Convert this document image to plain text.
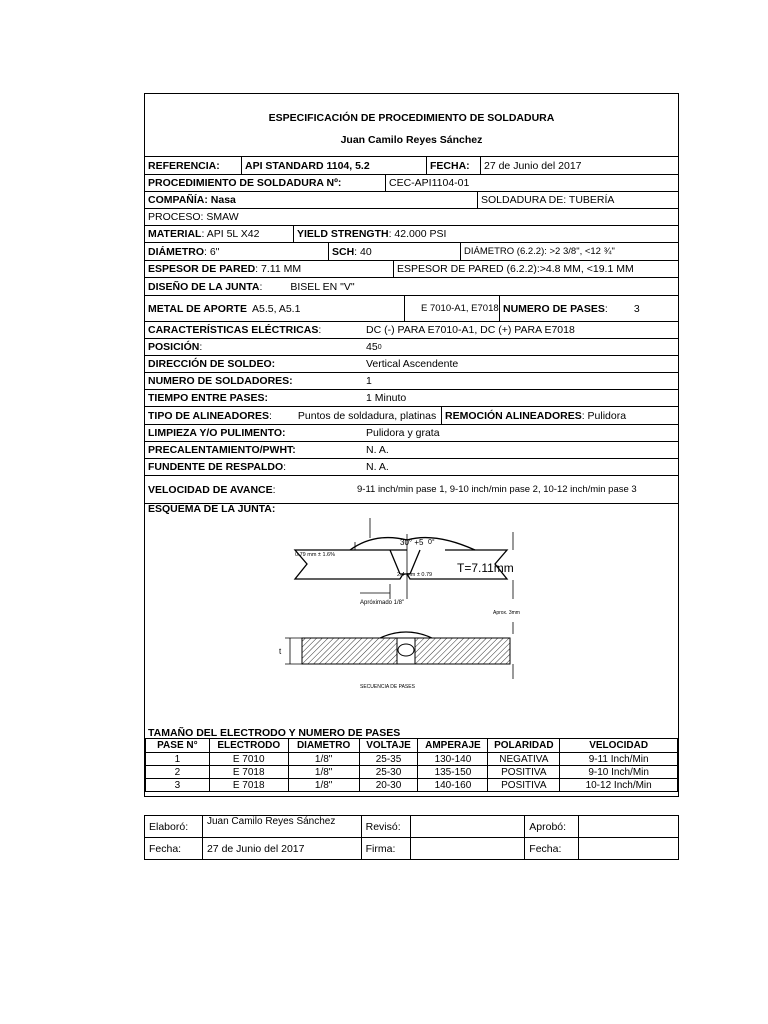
ESPECIFICACIÓN DE PROCEDIMIENTO DE SOLDADURA
Juan Camilo Reyes Sánchez
REFERENCIA: API STANDARD 1104, 5.2	FECHA: 27 de Junio del 2017
PROCEDIMIENTO DE SOLDADURA Nº:	CEC-API1104-01
COMPAÑÍA: Nasa	SOLDADURA DE: TUBERÍA
PROCESO: SMAW
MATERIAL : API 5L X42	YIELD STRENGTH : 42.000 PSI
DIÁMETRO : 6"	SCH : 40	DIÁMETRO (6.2.2): >2 3/8", <12 ¾"
ESPESOR DE PARED : 7.11 MM	ESPESOR DE PARED (6.2.2):>4.8 MM, <19.1 MM
DISEÑO DE LA JUNTA :	BISEL EN "V"
METAL DE APORTE A5.5, A5.1	E 7010-A1, E7018 NUMERO DE PASES : 3
CARACTERÍSTICAS ELÉCTRICAS :	DC (-) PARA E7010-A1, DC (+) PARA E7018
POSICIÓN :	45 0
DIRECCIÓN DE SOLDEO:	Vertical Ascendente
NUMERO DE SOLDADORES:	1
TIEMPO ENTRE PASES:	1 Minuto
TIPO DE ALINEADORES : Puntos de soldadura, platinas REMOCIÓN ALINEADORES : Pulidora
LIMPIEZA Y/O PULIMENTO:	Pulidora y grata
PRECALENTAMIENTO/PWHT:	N. A.
FUNDENTE DE RESPALDO :	N. A.
VELOCIDAD DE AVANCE :	9-11 inch/min pase 1, 9-10 inch/min pase 2, 10-12 inch/min pase 3
ESQUEMA DE LA JUNTA:
30° +5 0°
0.79 mm ± 1.6%
2.4 mm ± 0.79 T=7.11mm
Apróximado 1/8"
Aprox. 3mm
t
SECUENCIA DE PASES
TAMAÑO DEL ELECTRODO Y NUMERO DE PASES
PASE N°	ELECTRODO	DIAMETRO	VOLTAJE	AMPERAJE	POLARIDAD	VELOCIDAD
1	E 7010	1/8"	25-35	130-140	NEGATIVA	9-11 Inch/Min
2	E 7018	1/8"	25-30	135-150	POSITIVA	9-10 Inch/Min
3	E 7018	1/8"	20-30	140-160	POSITIVA	10-12 Inch/Min
Elaboró:	Juan Camilo Reyes Sánchez	Revisó:		Aprobó:	
Fecha:	27 de Junio del 2017	Firma:		Fecha:	
